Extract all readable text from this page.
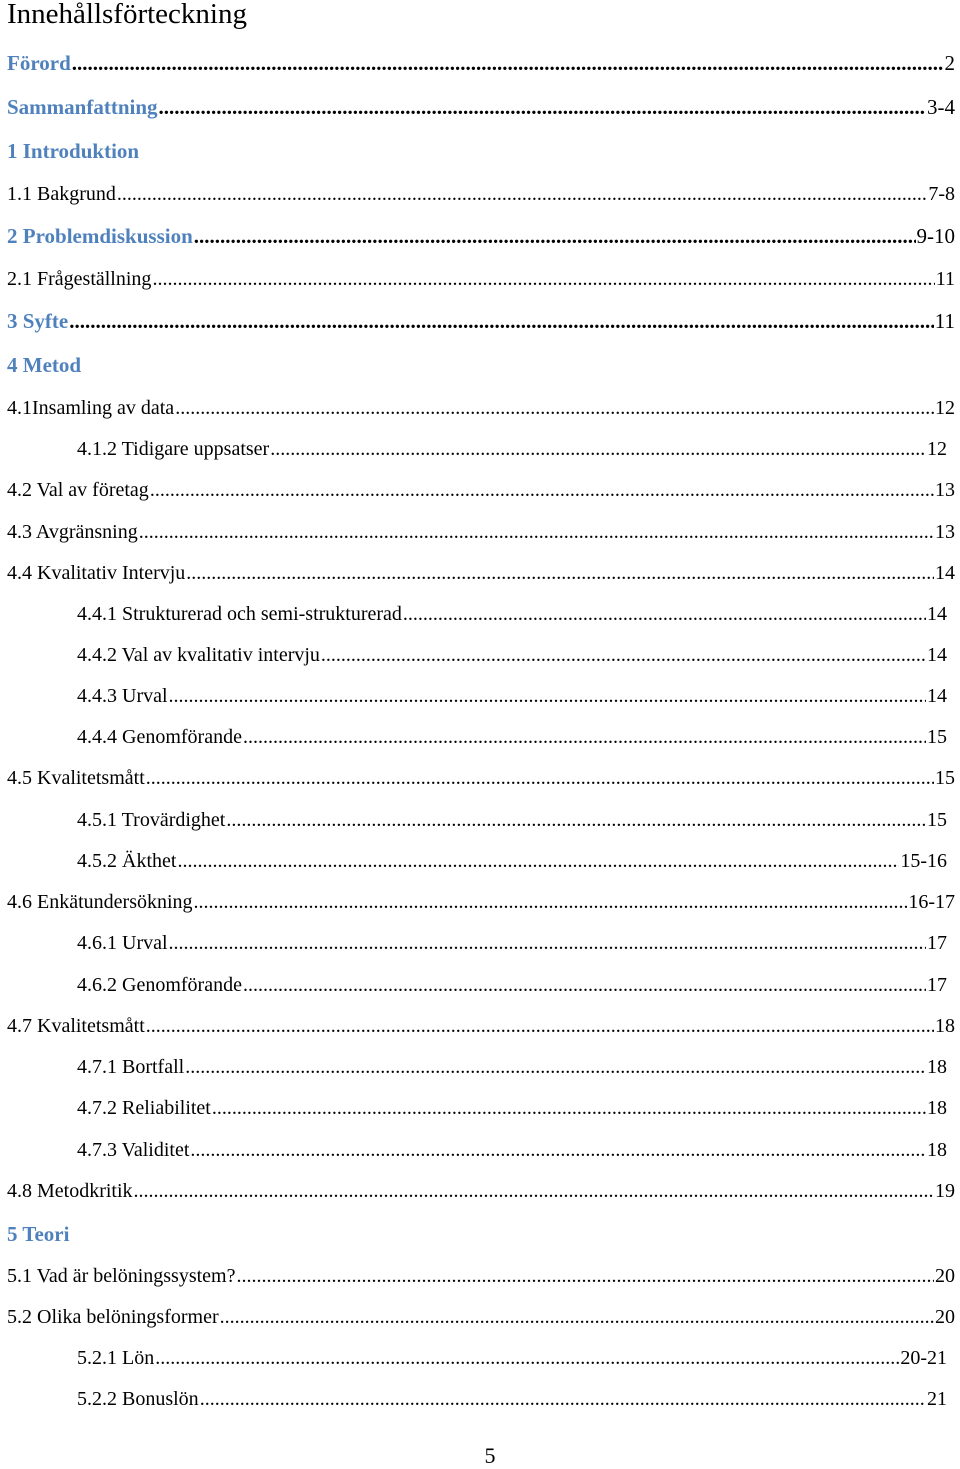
Innehållsförteckning
Förord .....	2
Sammanfattning .....	3-4
1 Introduktion
1.1 Bakgrund .....	7-8
2 Problemdiskussion .....	9-10
2.1 Frågeställning .....	11
3 Syfte .....	11
4 Metod
4.1Insamling av data .....	12
4.1.2 Tidigare uppsatser .....	12
4.2 Val av företag .....	13
4.3 Avgränsning .....	13
4.4 Kvalitativ Intervju .....	14
4.4.1 Strukturerad och semi-strukturerad .....	14
4.4.2 Val av kvalitativ intervju .....	14
4.4.3 Urval .....	14
4.4.4 Genomförande .....	15
4.5 Kvalitetsmått .....	15
4.5.1 Trovärdighet .....	15
4.5.2 Äkthet .....	15-16
4.6 Enkätundersökning .....	16-17
4.6.1 Urval .....	17
4.6.2 Genomförande .....	17
4.7 Kvalitetsmått .....	18
4.7.1 Bortfall .....	18
4.7.2 Reliabilitet .....	18
4.7.3 Validitet .....	18
4.8 Metodkritik .....	19
5 Teori
5.1 Vad är belöningssystem? .....	20
5.2 Olika belöningsformer .....	20
5.2.1 Lön .....	20-21
5.2.2 Bonuslön .....	21
5
